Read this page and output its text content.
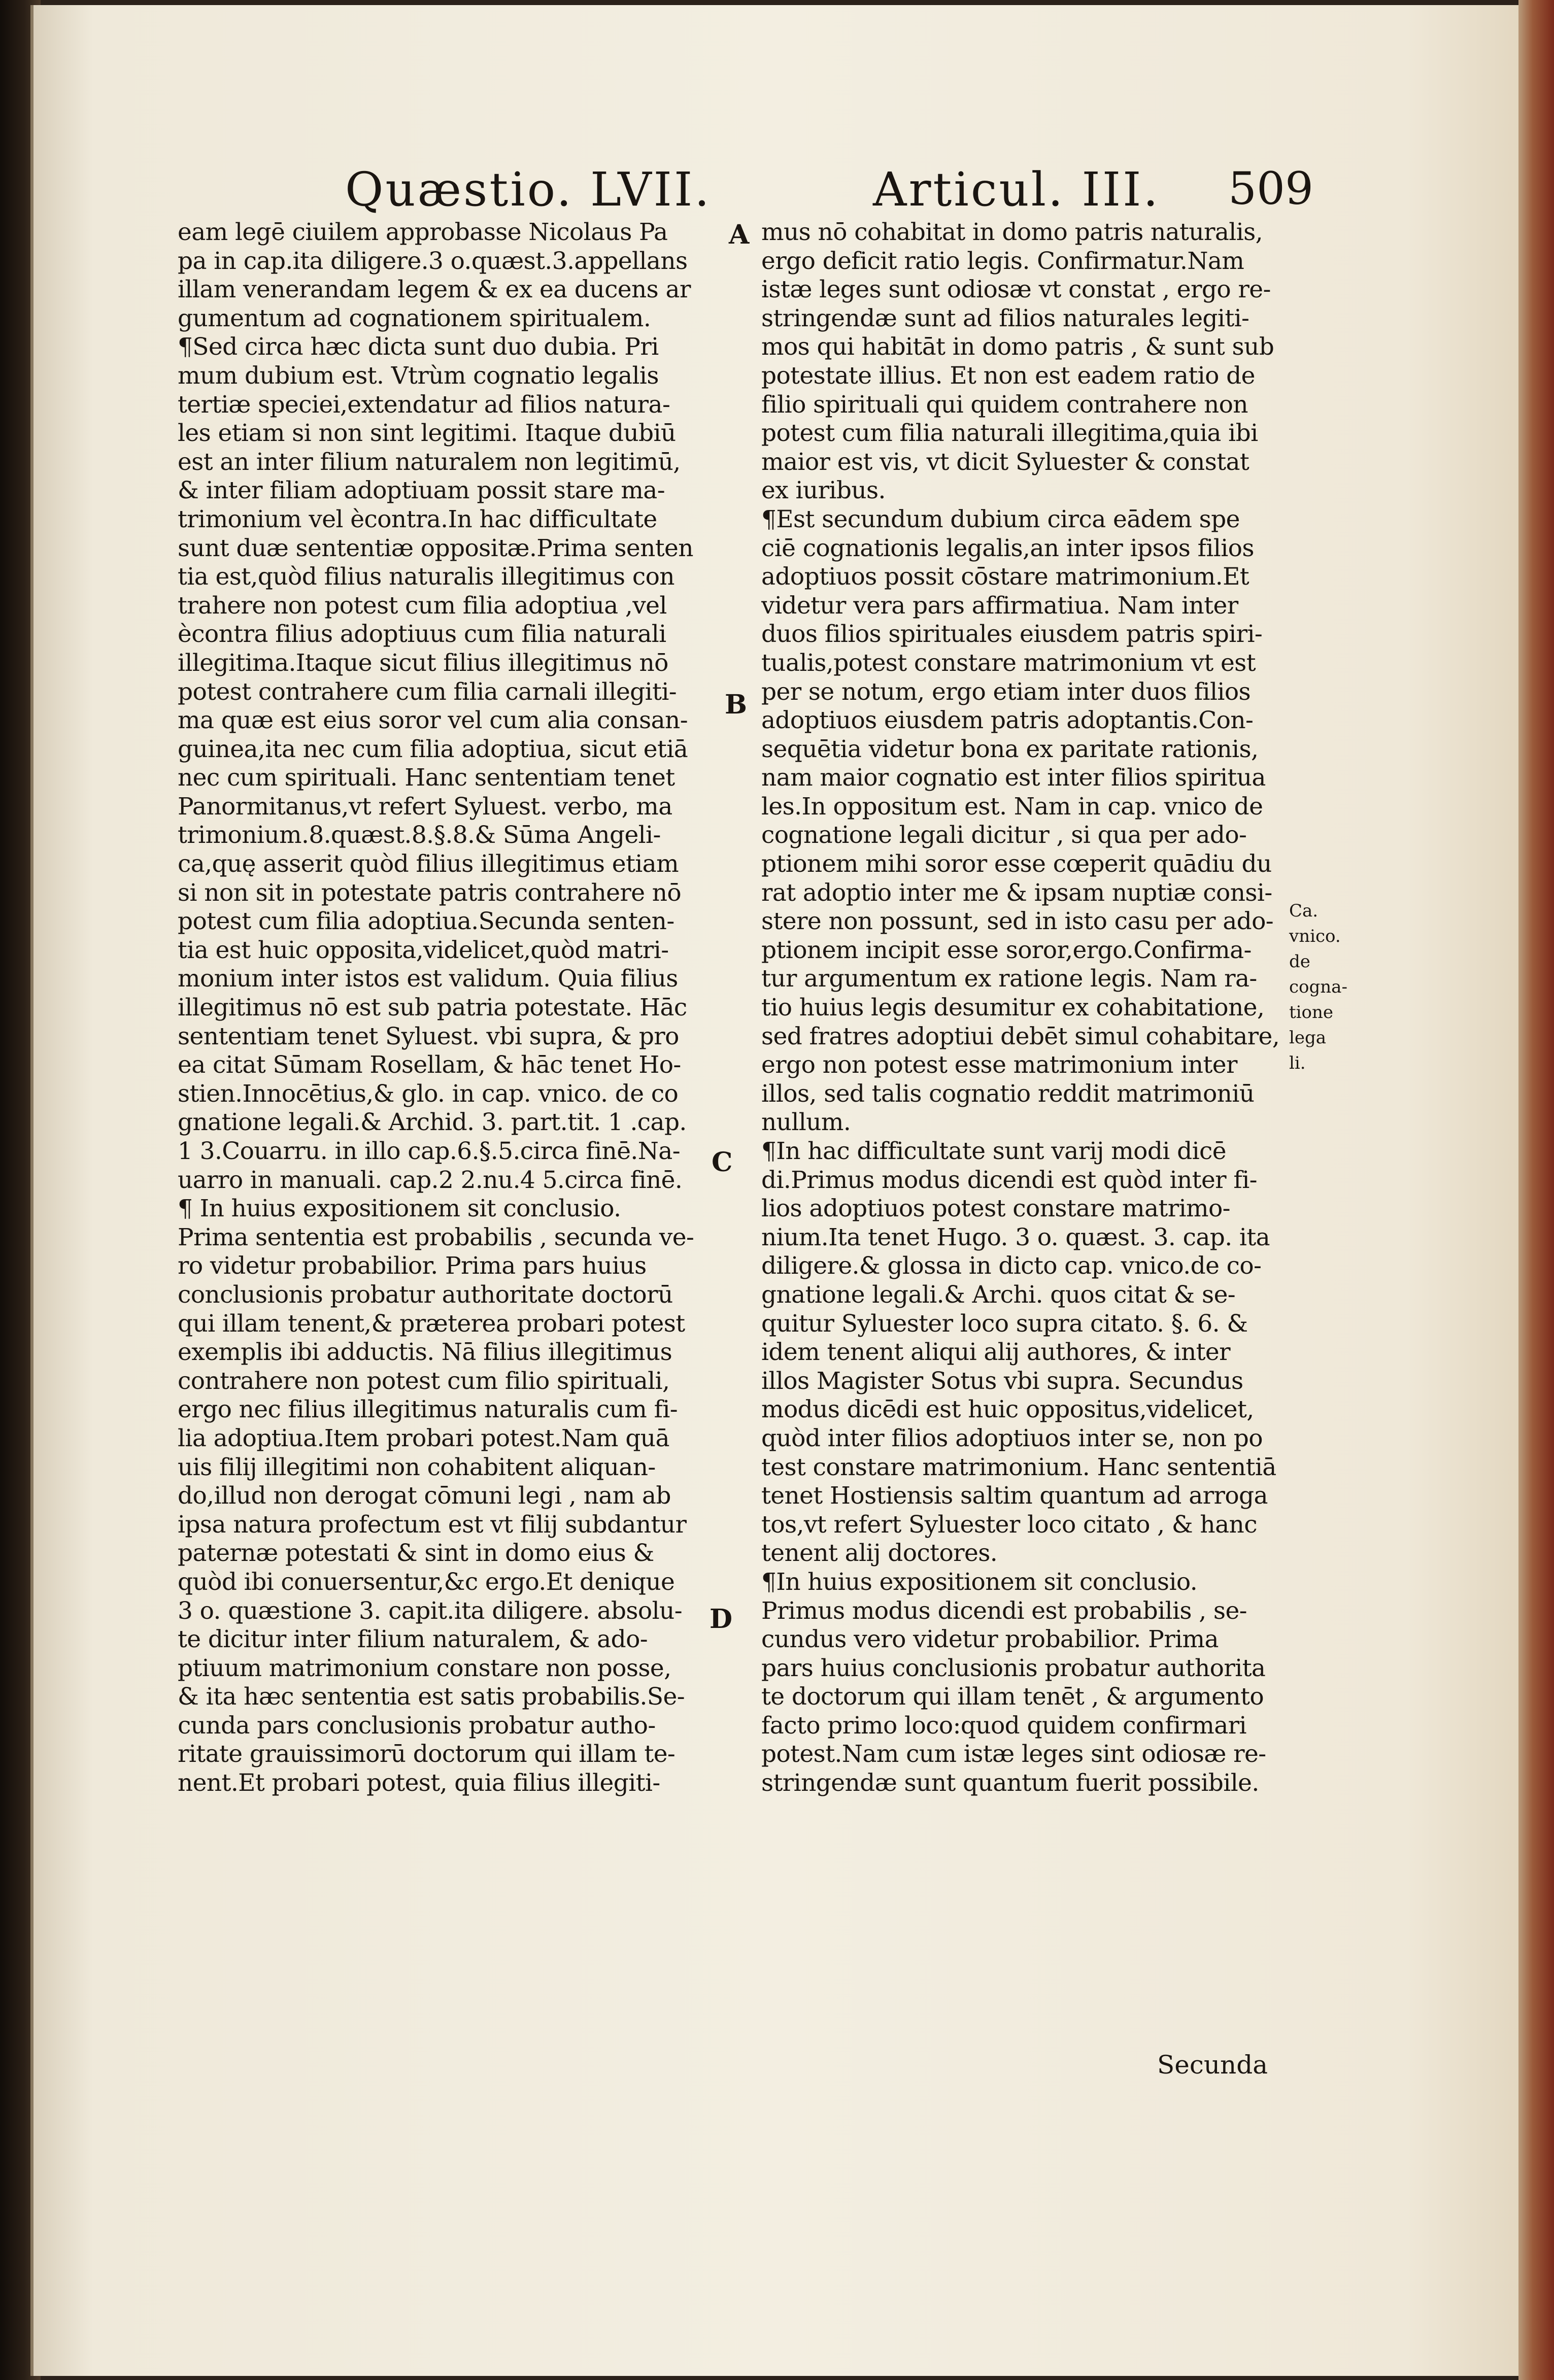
Quæstio. LVII.	Articul. III. 509
eam legē ciuilem approbasse Nicolaus Pa
pa in cap.ita diligere.3 o.quæst.3.appellans
illam venerandam legem & ex ea ducens ar
gumentum ad cognationem spiritualem.
¶Sed circa hæc dicta sunt duo dubia. Pri
mum dubium est. Vtrùm cognatio legalis
tertiæ speciei,extendatur ad filios natura-
les etiam si non sint legitimi. Itaque dubiū
est an inter filium naturalem non legitimū,
& inter filiam adoptiuam possit stare ma-
trimonium vel ècontra.In hac difficultate
sunt duæ sententiæ oppositæ.Prima senten
tia est,quòd filius naturalis illegitimus con
trahere non potest cum filia adoptiua ,vel
ècontra filius adoptiuus cum filia naturali
illegitima.Itaque sicut filius illegitimus nō
potest contrahere cum filia carnali illegiti-
ma quæ est eius soror vel cum alia consan-
guinea,ita nec cum filia adoptiua, sicut etiā
nec cum spirituali. Hanc sententiam tenet
Panormitanus,vt refert Syluest. verbo, ma
trimonium.8.quæst.8.§.8.& Sūma Angeli-
ca,quę asserit quòd filius illegitimus etiam
si non sit in potestate patris contrahere nō
potest cum filia adoptiua.Secunda senten-
tia est huic opposita,videlicet,quòd matri-
monium inter istos est validum. Quia filius
illegitimus nō est sub patria potestate. Hāc
sententiam tenet Syluest. vbi supra, & pro
ea citat Sūmam Rosellam, & hāc tenet Ho-
stien.Innocētius,& glo. in cap. vnico. de co
gnatione legali.& Archid. 3. part.tit. 1 .cap.
1 3.Couarru. in illo cap.6.§.5.circa finē.Na-
uarro in manuali. cap.2 2.nu.4 5.circa finē.
¶ In huius expositionem sit conclusio.
Prima sententia est probabilis , secunda ve-
ro videtur probabilior. Prima pars huius
conclusionis probatur authoritate doctorū
qui illam tenent,& præterea probari potest
exemplis ibi adductis. Nā filius illegitimus
contrahere non potest cum filio spirituali,
ergo nec filius illegitimus naturalis cum fi-
lia adoptiua.Item probari potest.Nam quā
uis filij illegitimi non cohabitent aliquan-
do,illud non derogat cōmuni legi , nam ab
ipsa natura profectum est vt filij subdantur
paternæ potestati & sint in domo eius &
quòd ibi conuersentur,&c ergo.Et denique
3 o. quæstione 3. capit.ita diligere. absolu-
te dicitur inter filium naturalem, & ado-
ptiuum matrimonium constare non posse,
& ita hæc sententia est satis probabilis.Se-
cunda pars conclusionis probatur autho-
ritate grauissimorū doctorum qui illam te-
nent.Et probari potest, quia filius illegiti-
mus nō cohabitat in domo patris naturalis,
ergo deficit ratio legis. Confirmatur.Nam
istæ leges sunt odiosæ vt constat , ergo re-
stringendæ sunt ad filios naturales legiti-
mos qui habitāt in domo patris , & sunt sub
potestate illius. Et non est eadem ratio de
filio spirituali qui quidem contrahere non
potest cum filia naturali illegitima,quia ibi
maior est vis, vt dicit Syluester & constat
ex iuribus.
¶Est secundum dubium circa eādem spe
ciē cognationis legalis,an inter ipsos filios
adoptiuos possit cōstare matrimonium.Et
videtur vera pars affirmatiua. Nam inter
duos filios spirituales eiusdem patris spiri-
tualis,potest constare matrimonium vt est
per se notum, ergo etiam inter duos filios
adoptiuos eiusdem patris adoptantis.Con-
sequētia videtur bona ex paritate rationis,
nam maior cognatio est inter filios spiritua
les.In oppositum est. Nam in cap. vnico de
cognatione legali dicitur , si qua per ado-
ptionem mihi soror esse cœperit quādiu du
rat adoptio inter me & ipsam nuptiæ consi-
stere non possunt, sed in isto casu per ado-
ptionem incipit esse soror,ergo.Confirma-
tur argumentum ex ratione legis. Nam ra-
tio huius legis desumitur ex cohabitatione,
sed fratres adoptiui debēt simul cohabitare,
ergo non potest esse matrimonium inter
illos, sed talis cognatio reddit matrimoniū
nullum.
¶In hac difficultate sunt varij modi dicē
di.Primus modus dicendi est quòd inter fi-
lios adoptiuos potest constare matrimo-
nium.Ita tenet Hugo. 3 o. quæst. 3. cap. ita
diligere.& glossa in dicto cap. vnico.de co-
gnatione legali.& Archi. quos citat & se-
quitur Syluester loco supra citato. §. 6. &
idem tenent aliqui alij authores, & inter
illos Magister Sotus vbi supra. Secundus
modus dicēdi est huic oppositus,videlicet,
quòd inter filios adoptiuos inter se, non po
test constare matrimonium. Hanc sententiā
tenet Hostiensis saltim quantum ad arroga
tos,vt refert Syluester loco citato , & hanc
tenent alij doctores.
¶In huius expositionem sit conclusio.
Primus modus dicendi est probabilis , se-
cundus vero videtur probabilior. Prima
pars huius conclusionis probatur authorita
te doctorum qui illam tenēt , & argumento
facto primo loco:quod quidem confirmari
potest.Nam cum istæ leges sint odiosæ re-
stringendæ sunt quantum fuerit possibile.
A
B
C
D
Ca. vnico.
de cogna-
tione lega
li.
Secunda
